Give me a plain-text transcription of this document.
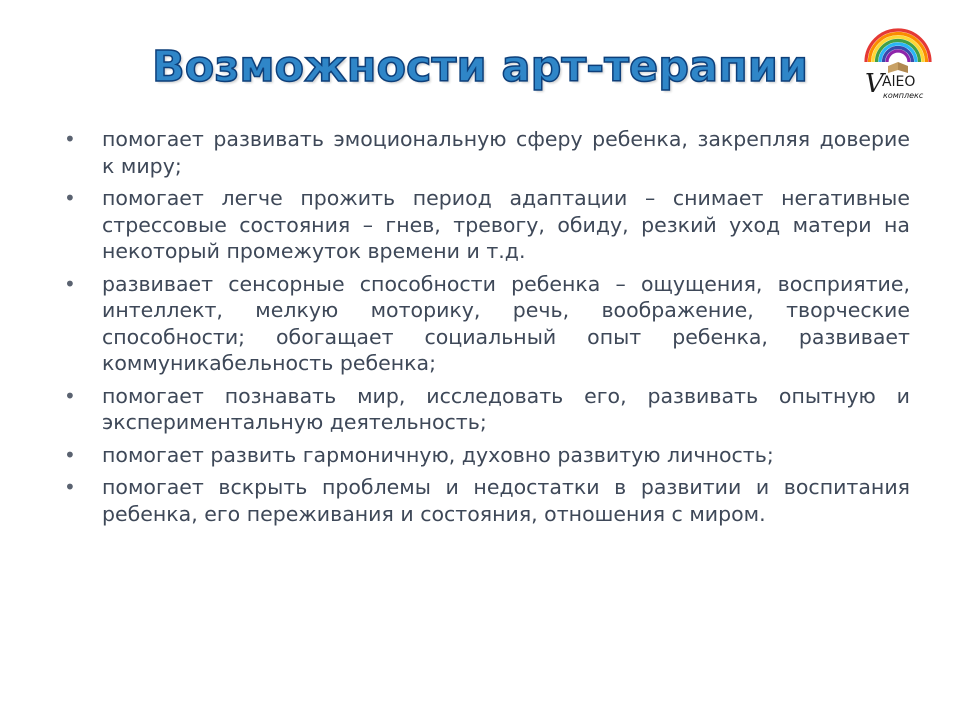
Возможности арт-терапии	V
AlEO
комплекс
•	помогает развивать эмоциональную сферу ребенка, закрепляя доверие к миру;
•	помогает легче прожить период адаптации – снимает негативные стрессовые состояния – гнев, тревогу, обиду, резкий уход матери на некоторый промежуток времени и т.д.
•	развивает сенсорные способности ребенка – ощущения, восприятие, интеллект, мелкую моторику, речь, воображение, творческие способности; обогащает социальный опыт ребенка, развивает коммуникабельность ребенка;
•	помогает познавать мир, исследовать его, развивать опытную и экспериментальную деятельность;
•	помогает развить гармоничную, духовно развитую личность;
•	помогает вскрыть проблемы и недостатки в развитии и воспитания ребенка, его переживания и состояния, отношения с миром.
